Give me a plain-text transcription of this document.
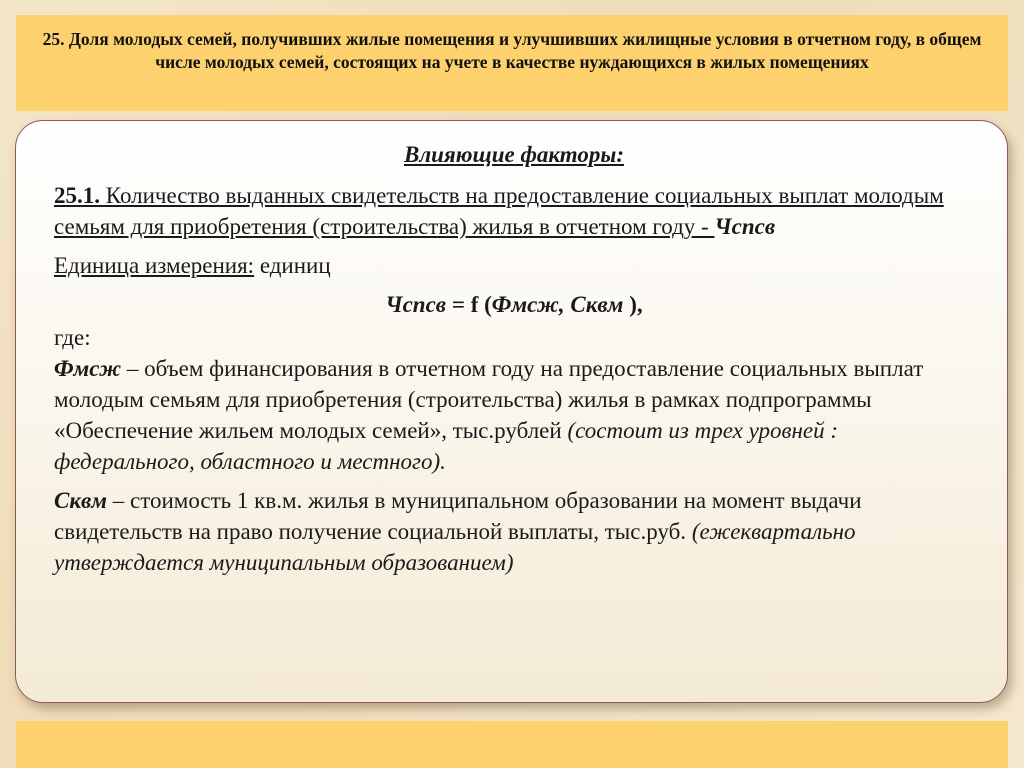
25. Доля молодых семей, получивших жилые помещения и улучшивших жилищные условия в отчетном году, в общем числе молодых семей, состоящих на учете в качестве нуждающихся в жилых помещениях
Влияющие факторы:
25.1. Количество выданных свидетельств на предоставление социальных выплат молодым семьям для приобретения (строительства) жилья в отчетном году - Чспсв
Единица измерения: единиц
Чспсв = f (Фмсж, Сквм ),
где:
Фмсж – объем финансирования в отчетном году на предоставление социальных выплат молодым семьям для приобретения (строительства) жилья в рамках подпрограммы «Обеспечение жильем молодых семей», тыс.рублей (состоит из трех уровней : федерального, областного и местного).
Сквм – стоимость 1 кв.м. жилья в муниципальном образовании на момент выдачи свидетельств на право получение социальной выплаты, тыс.руб. (ежеквартально утверждается муниципальным образованием)
